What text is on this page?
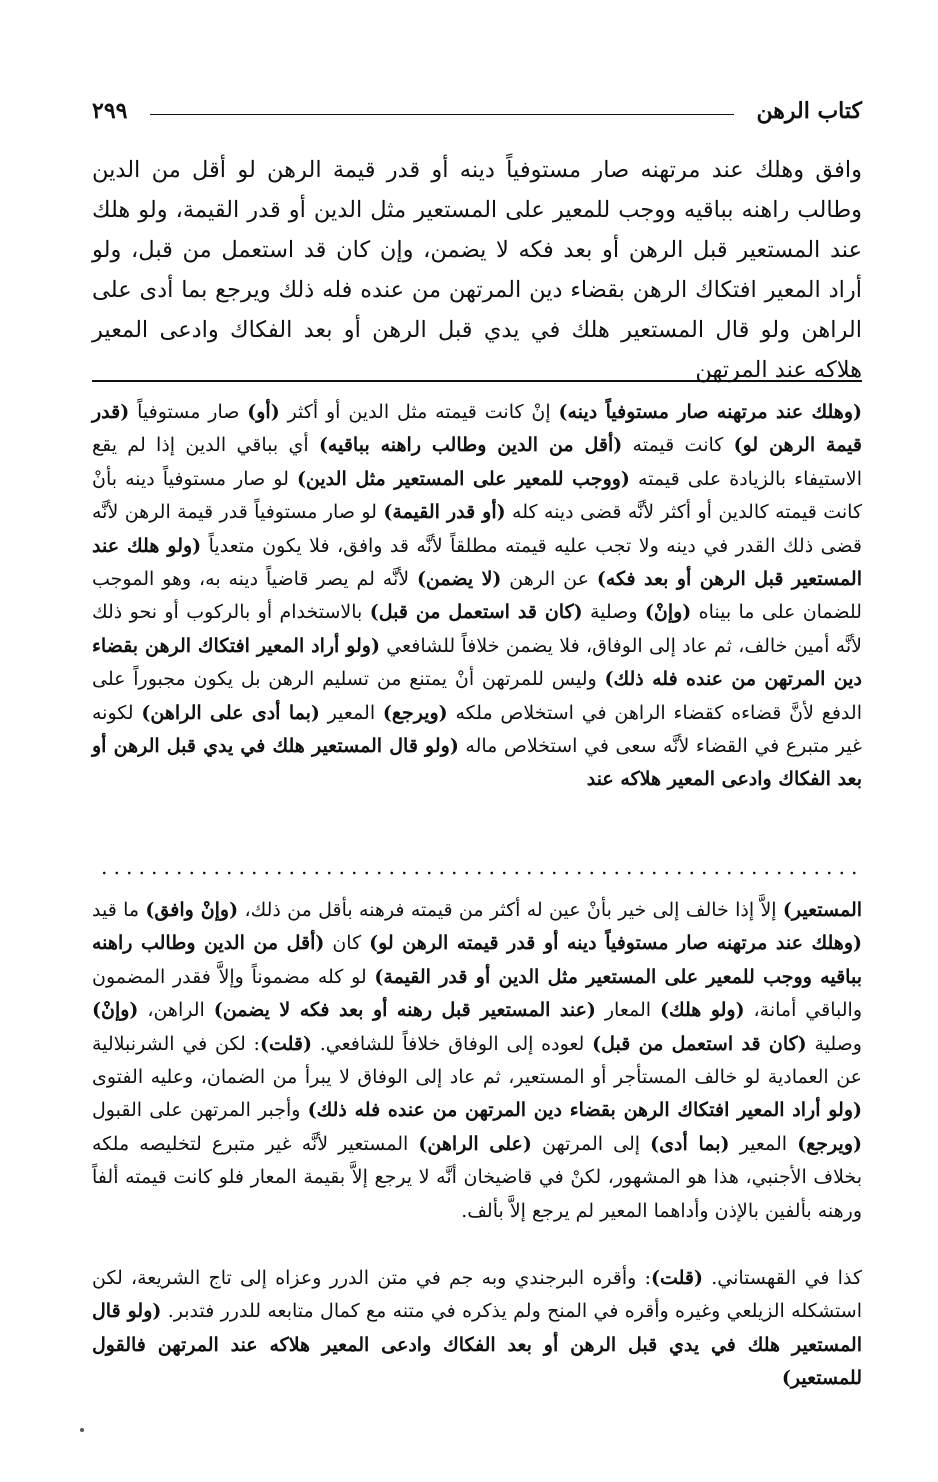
كتاب الرهن
٢٩٩

وافق وهلك عند مرتهنه صار مستوفياً دينه أو قدر قيمة الرهن لو أقل من الدين وطالب راهنه بباقيه ووجب للمعير على المستعير مثل الدين أو قدر القيمة، ولو هلك عند المستعير قبل الرهن أو بعد فكه لا يضمن، وإن كان قد استعمل من قبل، ولو أراد المعير افتكاك الرهن بقضاء دين المرتهن من عنده فله ذلك ويرجع بما أدى على الراهن ولو قال المستعير هلك في يدي قبل الرهن أو بعد الفكاك وادعى المعير هلاكه عند المرتهن

(وهلك عند مرتهنه صار مستوفياً دينه) إنْ كانت قيمته مثل الدين أو أكثر (أو) صار مستوفياً (قدر قيمة الرهن لو) كانت قيمته (أقل من الدين وطالب راهنه بباقيه) أي بباقي الدين إذا لم يقع الاستيفاء بالزيادة على قيمته (ووجب للمعير على المستعير مثل الدين) لو صار مستوفياً دينه بأنْ كانت قيمته كالدين أو أكثر لأنَّه قضى دينه كله (أو قدر القيمة) لو صار مستوفياً قدر قيمة الرهن لأنَّه قضى ذلك القدر في دينه ولا تجب عليه قيمته مطلقاً لأنَّه قد وافق، فلا يكون متعدياً (ولو هلك عند المستعير قبل الرهن أو بعد فكه) عن الرهن (لا يضمن) لأنَّه لم يصر قاضياً دينه به، وهو الموجب للضمان على ما بيناه (وإنْ) وصلية (كان قد استعمل من قبل) بالاستخدام أو بالركوب أو نحو ذلك لأنَّه أمين خالف، ثم عاد إلى الوفاق، فلا يضمن خلافاً للشافعي (ولو أراد المعير افتكاك الرهن بقضاء دين المرتهن من عنده فله ذلك) وليس للمرتهن أنْ يمتنع من تسليم الرهن بل يكون مجبوراً على الدفع لأنَّ قضاءه كقضاء الراهن في استخلاص ملكه (ويرجع) المعير (بما أدى على الراهن) لكونه غير متبرع في القضاء لأنَّه سعى في استخلاص ماله (ولو قال المستعير هلك في يدي قبل الرهن أو بعد الفكاك وادعى المعير هلاكه عند

المستعير) إلاَّ إذا خالف إلى خير بأنْ عين له أكثر من قيمته فرهنه بأقل من ذلك، (وإنْ وافق) ما قيد (وهلك عند مرتهنه صار مستوفياً دينه أو قدر قيمته الرهن لو) كان (أقل من الدين وطالب راهنه بباقيه ووجب للمعير على المستعير مثل الدين أو قدر القيمة) لو كله مضموناً وإلاَّ فقدر المضمون والباقي أمانة، (ولو هلك) المعار (عند المستعير قبل رهنه أو بعد فكه لا يضمن) الراهن، (وإنْ) وصلية (كان قد استعمل من قبل) لعوده إلى الوفاق خلافاً للشافعي. (قلت): لكن في الشرنبلالية عن العمادية لو خالف المستأجر أو المستعير، ثم عاد إلى الوفاق لا يبرأ من الضمان، وعليه الفتوى (ولو أراد المعير افتكاك الرهن بقضاء دين المرتهن من عنده فله ذلك) وأجبر المرتهن على القبول (ويرجع) المعير (بما أدى) إلى المرتهن (على الراهن) المستعير لأنَّه غير متبرع لتخليصه ملكه بخلاف الأجنبي، هذا هو المشهور، لكنْ في قاضيخان أنَّه لا يرجع إلاَّ بقيمة المعار فلو كانت قيمته ألفاً ورهنه بألفين بالإذن وأداهما المعير لم يرجع إلاَّ بألف.

كذا في القهستاني. (قلت): وأقره البرجندي وبه جم في متن الدرر وعزاه إلى تاج الشريعة، لكن استشكله الزيلعي وغيره وأقره في المنح ولم يذكره في متنه مع كمال متابعه للدرر فتدبر. (ولو قال المستعير هلك في يدي قبل الرهن أو بعد الفكاك وادعى المعير هلاكه عند المرتهن فالقول للمستعير)
